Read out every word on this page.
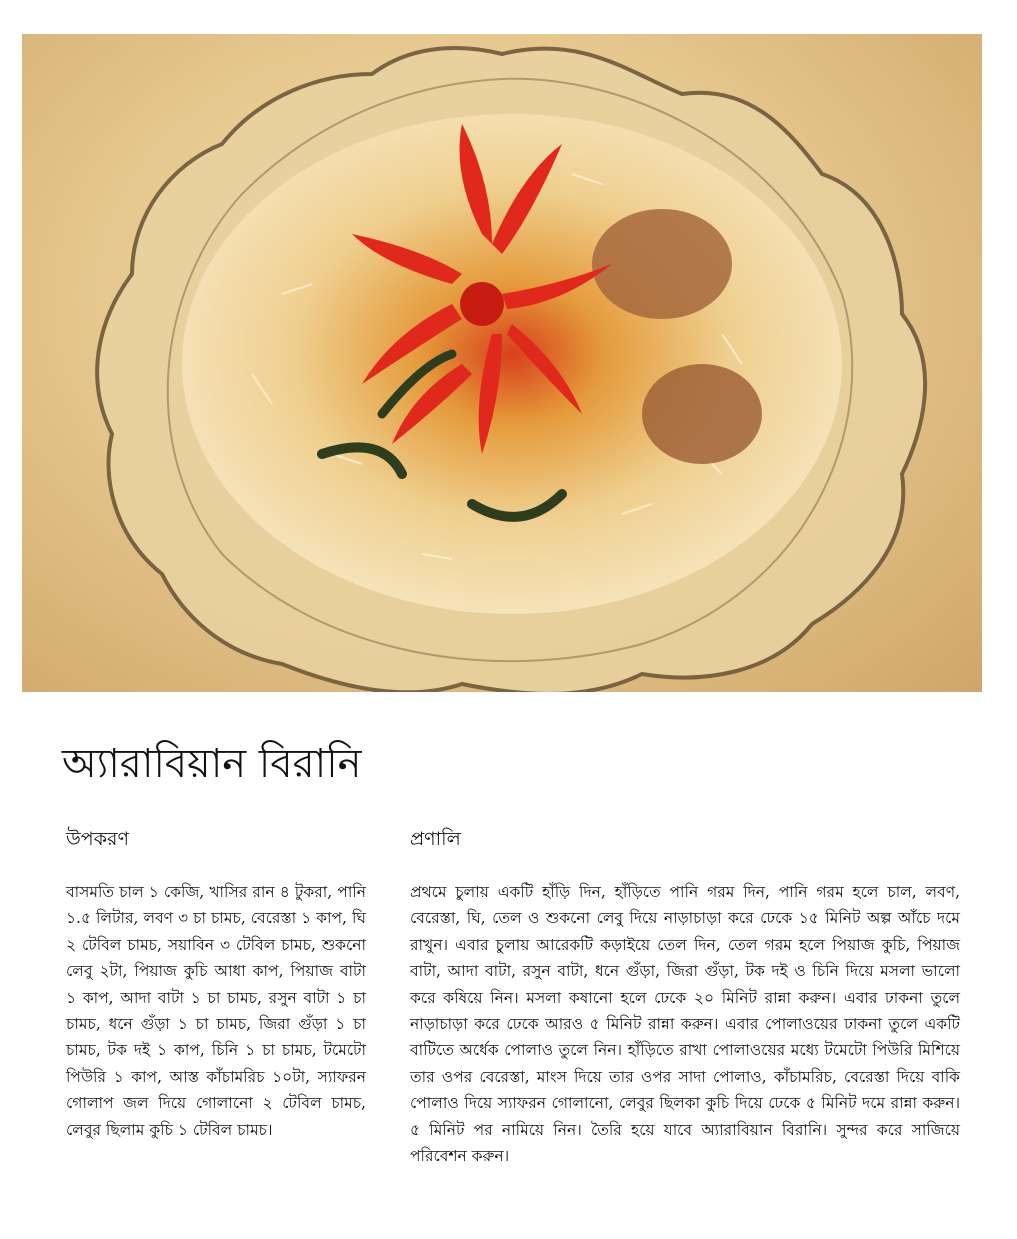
অ্যারাবিয়ান বিরানি
উপকরণ	প্রণালি
বাসমতি চাল ১ কেজি, খাসির রান ৪ টুকরা, পানি ১.৫ লিটার, লবণ ৩ চা চামচ, বেরেস্তা ১ কাপ, ঘি ২ টেবিল চামচ, সয়াবিন ৩ টেবিল চামচ, শুকনো লেবু ২টা, পিয়াজ কুচি আধা কাপ, পিয়াজ বাটা ১ কাপ, আদা বাটা ১ চা চামচ, রসুন বাটা ১ চা চামচ, ধনে গুঁড়া ১ চা চামচ, জিরা গুঁড়া ১ চা চামচ, টক দই ১ কাপ, চিনি ১ চা চামচ, টমেটো পিউরি ১ কাপ, আস্ত কাঁচামরিচ ১০টা, স্যাফরন গোলাপ জল দিয়ে গোলানো ২ টেবিল চামচ, লেবুর ছিলাম কুচি ১ টেবিল চামচ।
প্রথমে চুলায় একটি হাঁড়ি দিন, হাঁড়িতে পানি গরম দিন, পানি গরম হলে চাল, লবণ, বেরেস্তা, ঘি, তেল ও শুকনো লেবু দিয়ে নাড়াচাড়া করে ঢেকে ১৫ মিনিট অল্প আঁচে দমে রাখুন। এবার চুলায় আরেকটি কড়াইয়ে তেল দিন, তেল গরম হলে পিয়াজ কুচি, পিয়াজ বাটা, আদা বাটা, রসুন বাটা, ধনে গুঁড়া, জিরা গুঁড়া, টক দই ও চিনি দিয়ে মসলা ভালো করে কষিয়ে নিন। মসলা কষানো হলে ঢেকে ২০ মিনিট রান্না করুন। এবার ঢাকনা তুলে নাড়াচাড়া করে ঢেকে আরও ৫ মিনিট রান্না করুন। এবার পোলাওয়ের ঢাকনা তুলে একটি বাটিতে অর্ধেক পোলাও তুলে নিন। হাঁড়িতে রাখা পোলাওয়ের মধ্যে টমেটো পিউরি মিশিয়ে তার ওপর বেরেস্তা, মাংস দিয়ে তার ওপর সাদা পোলাও, কাঁচামরিচ, বেরেস্তা দিয়ে বাকি পোলাও দিয়ে স্যাফরন গোলানো, লেবুর ছিলকা কুচি দিয়ে ঢেকে ৫ মিনিট দমে রান্না করুন। ৫ মিনিট পর নামিয়ে নিন। তৈরি হয়ে যাবে অ্যারাবিয়ান বিরানি। সুন্দর করে সাজিয়ে পরিবেশন করুন।
